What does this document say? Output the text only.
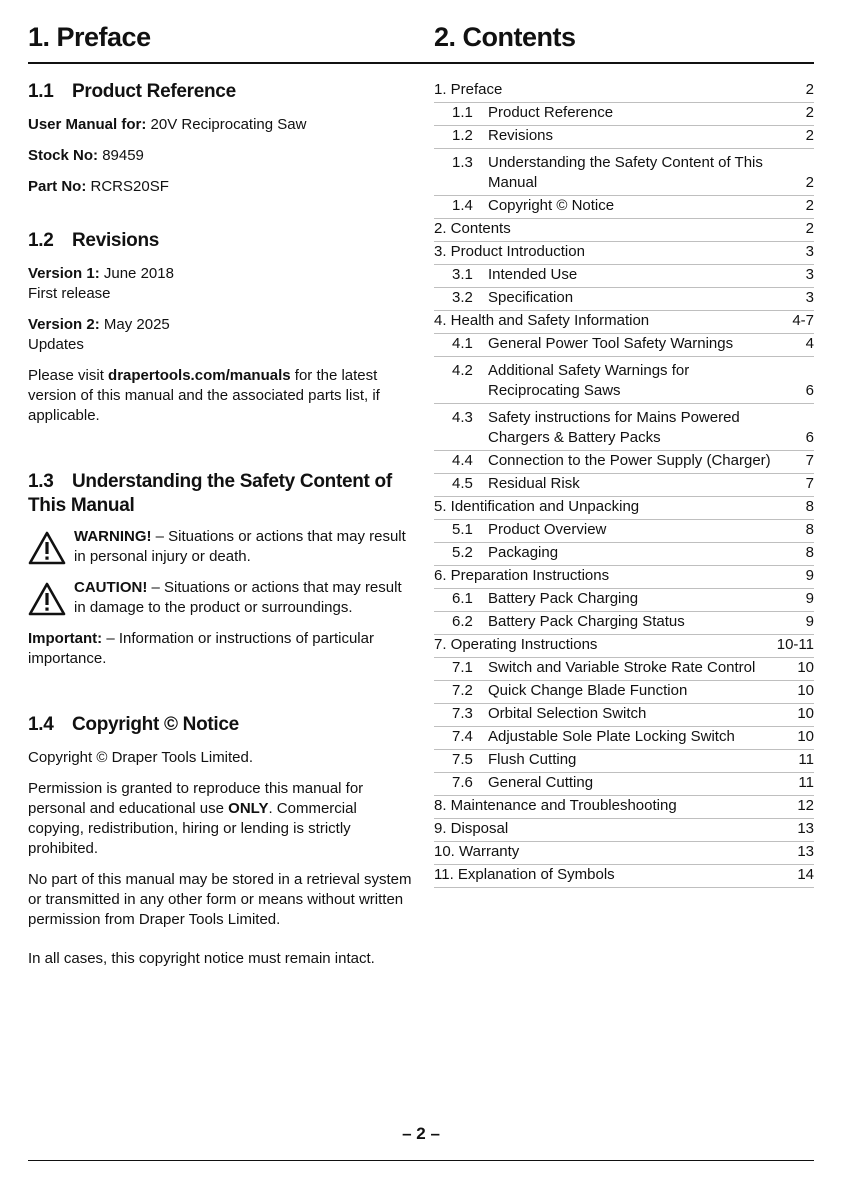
1. Preface	2. Contents
1.1 Product Reference

User Manual for: 20V Reciprocating Saw

Stock No: 89459

Part No: RCRS20SF

1.2 Revisions

Version 1: June 2018
First release

Version 2: May 2025
Updates

Please visit drapertools.com/manuals for the latest version of this manual and the associated parts list, if applicable.

1.3 Understanding the Safety Content of
This Manual

WARNING! – Situations or actions that may result in personal injury or death.

CAUTION! – Situations or actions that may result in damage to the product or surroundings.

Important: – Information or instructions of particular importance.

1.4 Copyright © Notice

Copyright © Draper Tools Limited.

Permission is granted to reproduce this manual for personal and educational use ONLY. Commercial copying, redistribution, hiring or lending is strictly prohibited.

No part of this manual may be stored in a retrieval system or transmitted in any other form or means without written permission from Draper Tools Limited.

In all cases, this copyright notice must remain intact.

1. Preface	2
1.1	Product Reference	2
1.2	Revisions	2
1.3	Understanding the Safety Content of This Manual	2
1.4	Copyright © Notice	2
2. Contents	2
3. Product Introduction	3
3.1	Intended Use	3
3.2	Specification	3
4. Health and Safety Information	4-7
4.1	General Power Tool Safety Warnings	4
4.2	Additional Safety Warnings for Reciprocating Saws	6
4.3	Safety instructions for Mains Powered Chargers & Battery Packs	6
4.4	Connection to the Power Supply (Charger)	7
4.5	Residual Risk	7
5. Identification and Unpacking	8
5.1	Product Overview	8
5.2	Packaging	8
6. Preparation Instructions	9
6.1	Battery Pack Charging	9
6.2	Battery Pack Charging Status	9
7. Operating Instructions	10-11
7.1	Switch and Variable Stroke Rate Control	10
7.2	Quick Change Blade Function	10
7.3	Orbital Selection Switch	10
7.4	Adjustable Sole Plate Locking Switch	10
7.5	Flush Cutting	11
7.6	General Cutting	11
8. Maintenance and Troubleshooting	12
9. Disposal	13
10. Warranty	13
11. Explanation of Symbols	14
– 2 –
